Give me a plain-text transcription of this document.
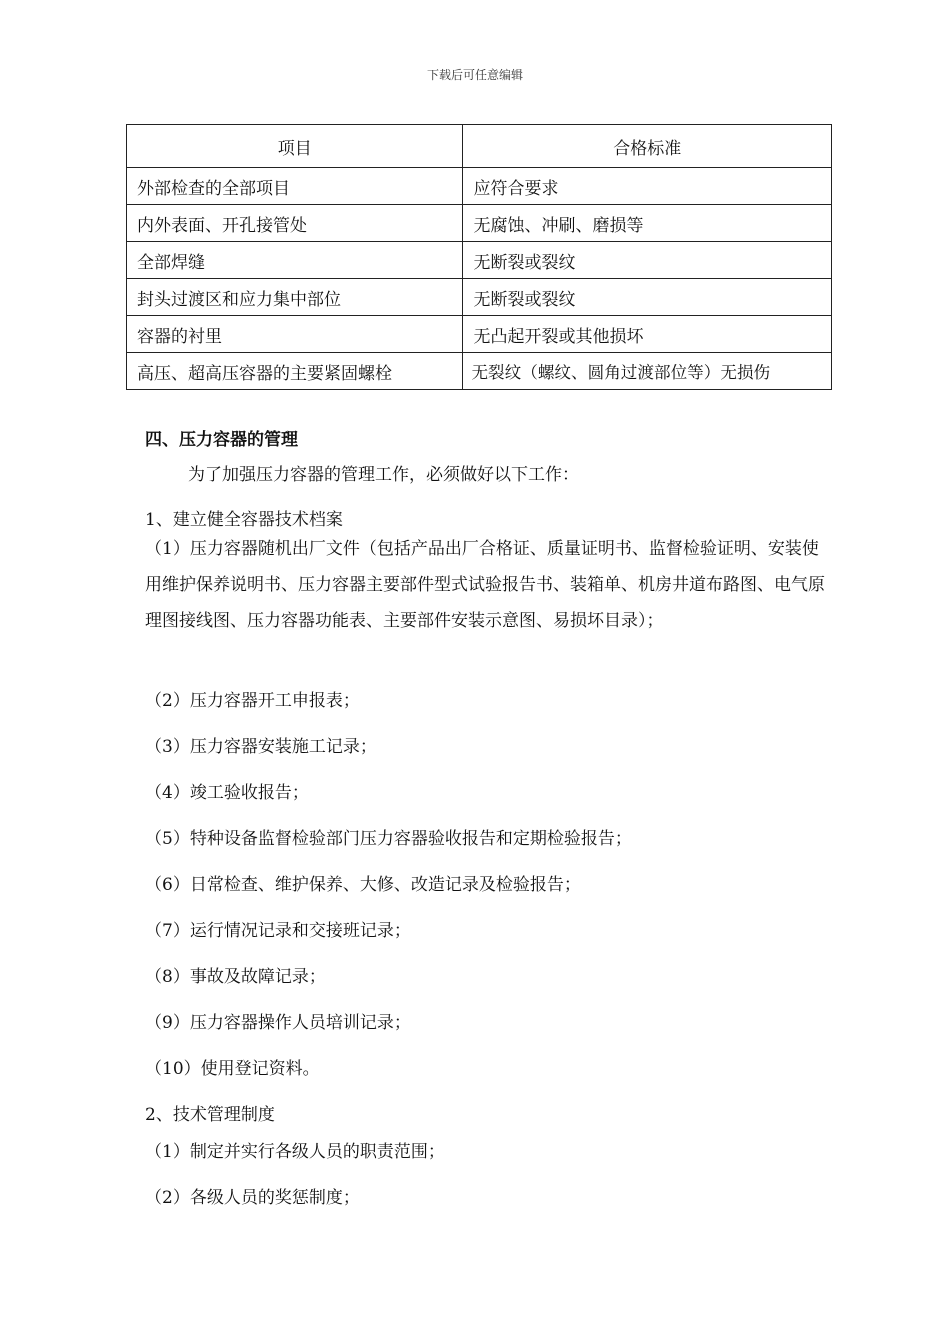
下载后可任意编辑
项目	合格标准
外部检查的全部项目	应符合要求
内外表面、开孔接管处	无腐蚀、冲刷、磨损等
全部焊缝	无断裂或裂纹
封头过渡区和应力集中部位	无断裂或裂纹
容器的衬里	无凸起开裂或其他损坏
高压、超高压容器的主要紧固螺栓	无裂纹（螺纹、圆角过渡部位等）无损伤
四、压力容器的管理
为了加强压力容器的管理工作，必须做好以下工作：
1、建立健全容器技术档案
（1）压力容器随机出厂文件（包括产品出厂合格证、质量证明书、监督检验证明、安装使用维护保养说明书、压力容器主要部件型式试验报告书、装箱单、机房井道布路图、电气原理图接线图、压力容器功能表、主要部件安装示意图、易损坏目录）；
（2）压力容器开工申报表；
（3）压力容器安装施工记录；
（4）竣工验收报告；
（5）特种设备监督检验部门压力容器验收报告和定期检验报告；
（6）日常检查、维护保养、大修、改造记录及检验报告；
（7）运行情况记录和交接班记录；
（8）事故及故障记录；
（9）压力容器操作人员培训记录；
（10）使用登记资料。
2、技术管理制度
（1）制定并实行各级人员的职责范围；
（2）各级人员的奖惩制度；
